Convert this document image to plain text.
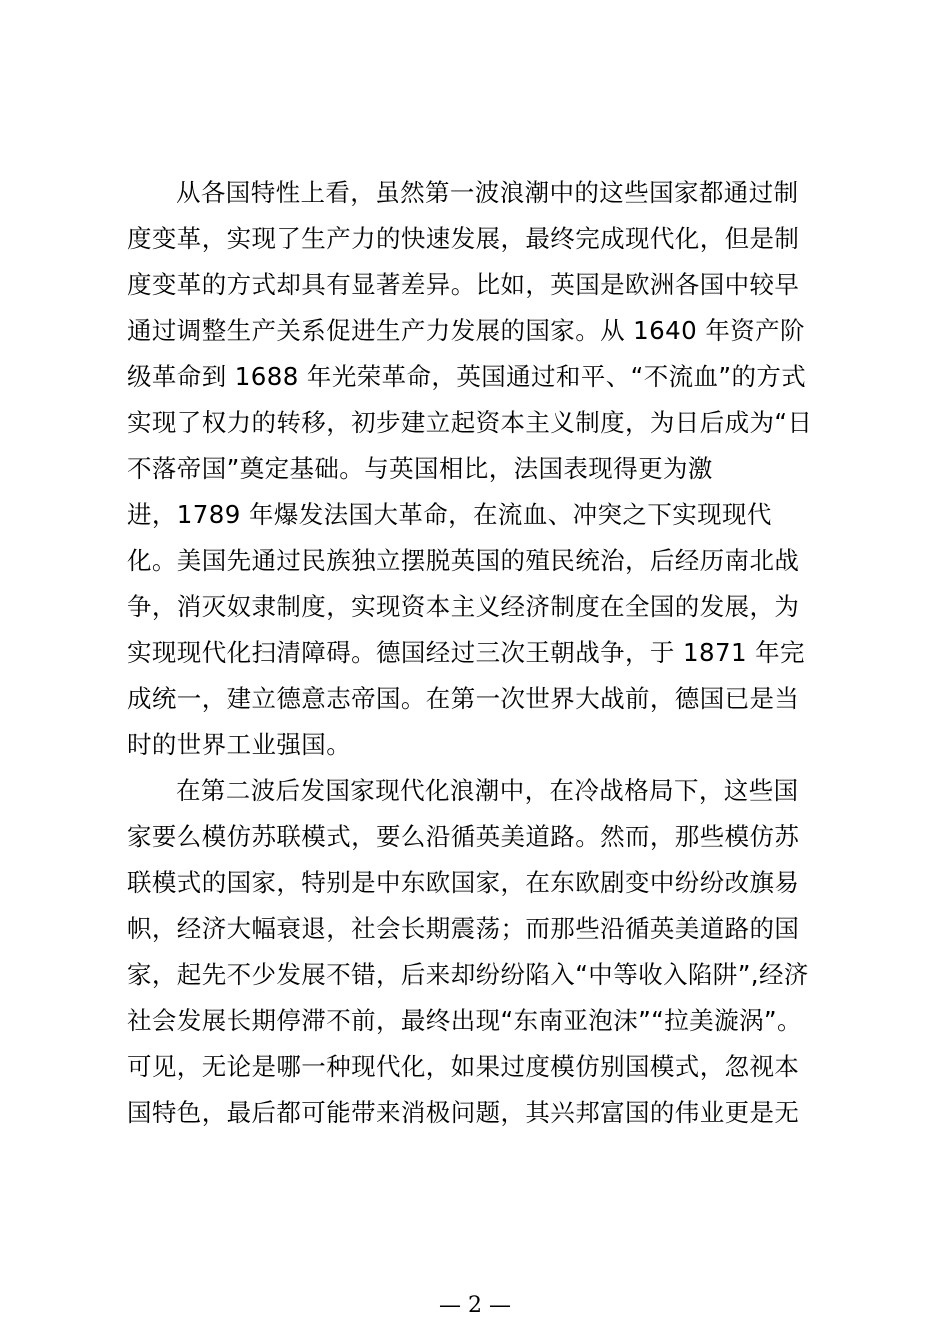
从各国特性上看，虽然第一波浪潮中的这些国家都通过制
度变革，实现了生产力的快速发展，最终完成现代化，但是制
度变革的方式却具有显著差异。比如，英国是欧洲各国中较早
通过调整生产关系促进生产力发展的国家。从 1640 年资产阶
级革命到 1688 年光荣革命，英国通过和平、“不流血”的方式
实现了权力的转移，初步建立起资本主义制度，为日后成为“日
不落帝国”奠定基础。与英国相比，法国表现得更为激
进，1789 年爆发法国大革命，在流血、冲突之下实现现代
化。美国先通过民族独立摆脱英国的殖民统治，后经历南北战
争，消灭奴隶制度，实现资本主义经济制度在全国的发展，为
实现现代化扫清障碍。德国经过三次王朝战争，于 1871 年完
成统一，建立德意志帝国。在第一次世界大战前，德国已是当
时的世界工业强国。
在第二波后发国家现代化浪潮中，在冷战格局下，这些国
家要么模仿苏联模式，要么沿循英美道路。然而，那些模仿苏
联模式的国家，特别是中东欧国家，在东欧剧变中纷纷改旗易
帜，经济大幅衰退，社会长期震荡；而那些沿循英美道路的国
家，起先不少发展不错，后来却纷纷陷入“中等收入陷阱”,经济
社会发展长期停滞不前，最终出现“东南亚泡沫”“拉美漩涡”。
可见，无论是哪一种现代化，如果过度模仿别国模式，忽视本
国特色，最后都可能带来消极问题，其兴邦富国的伟业更是无
— 2 —
